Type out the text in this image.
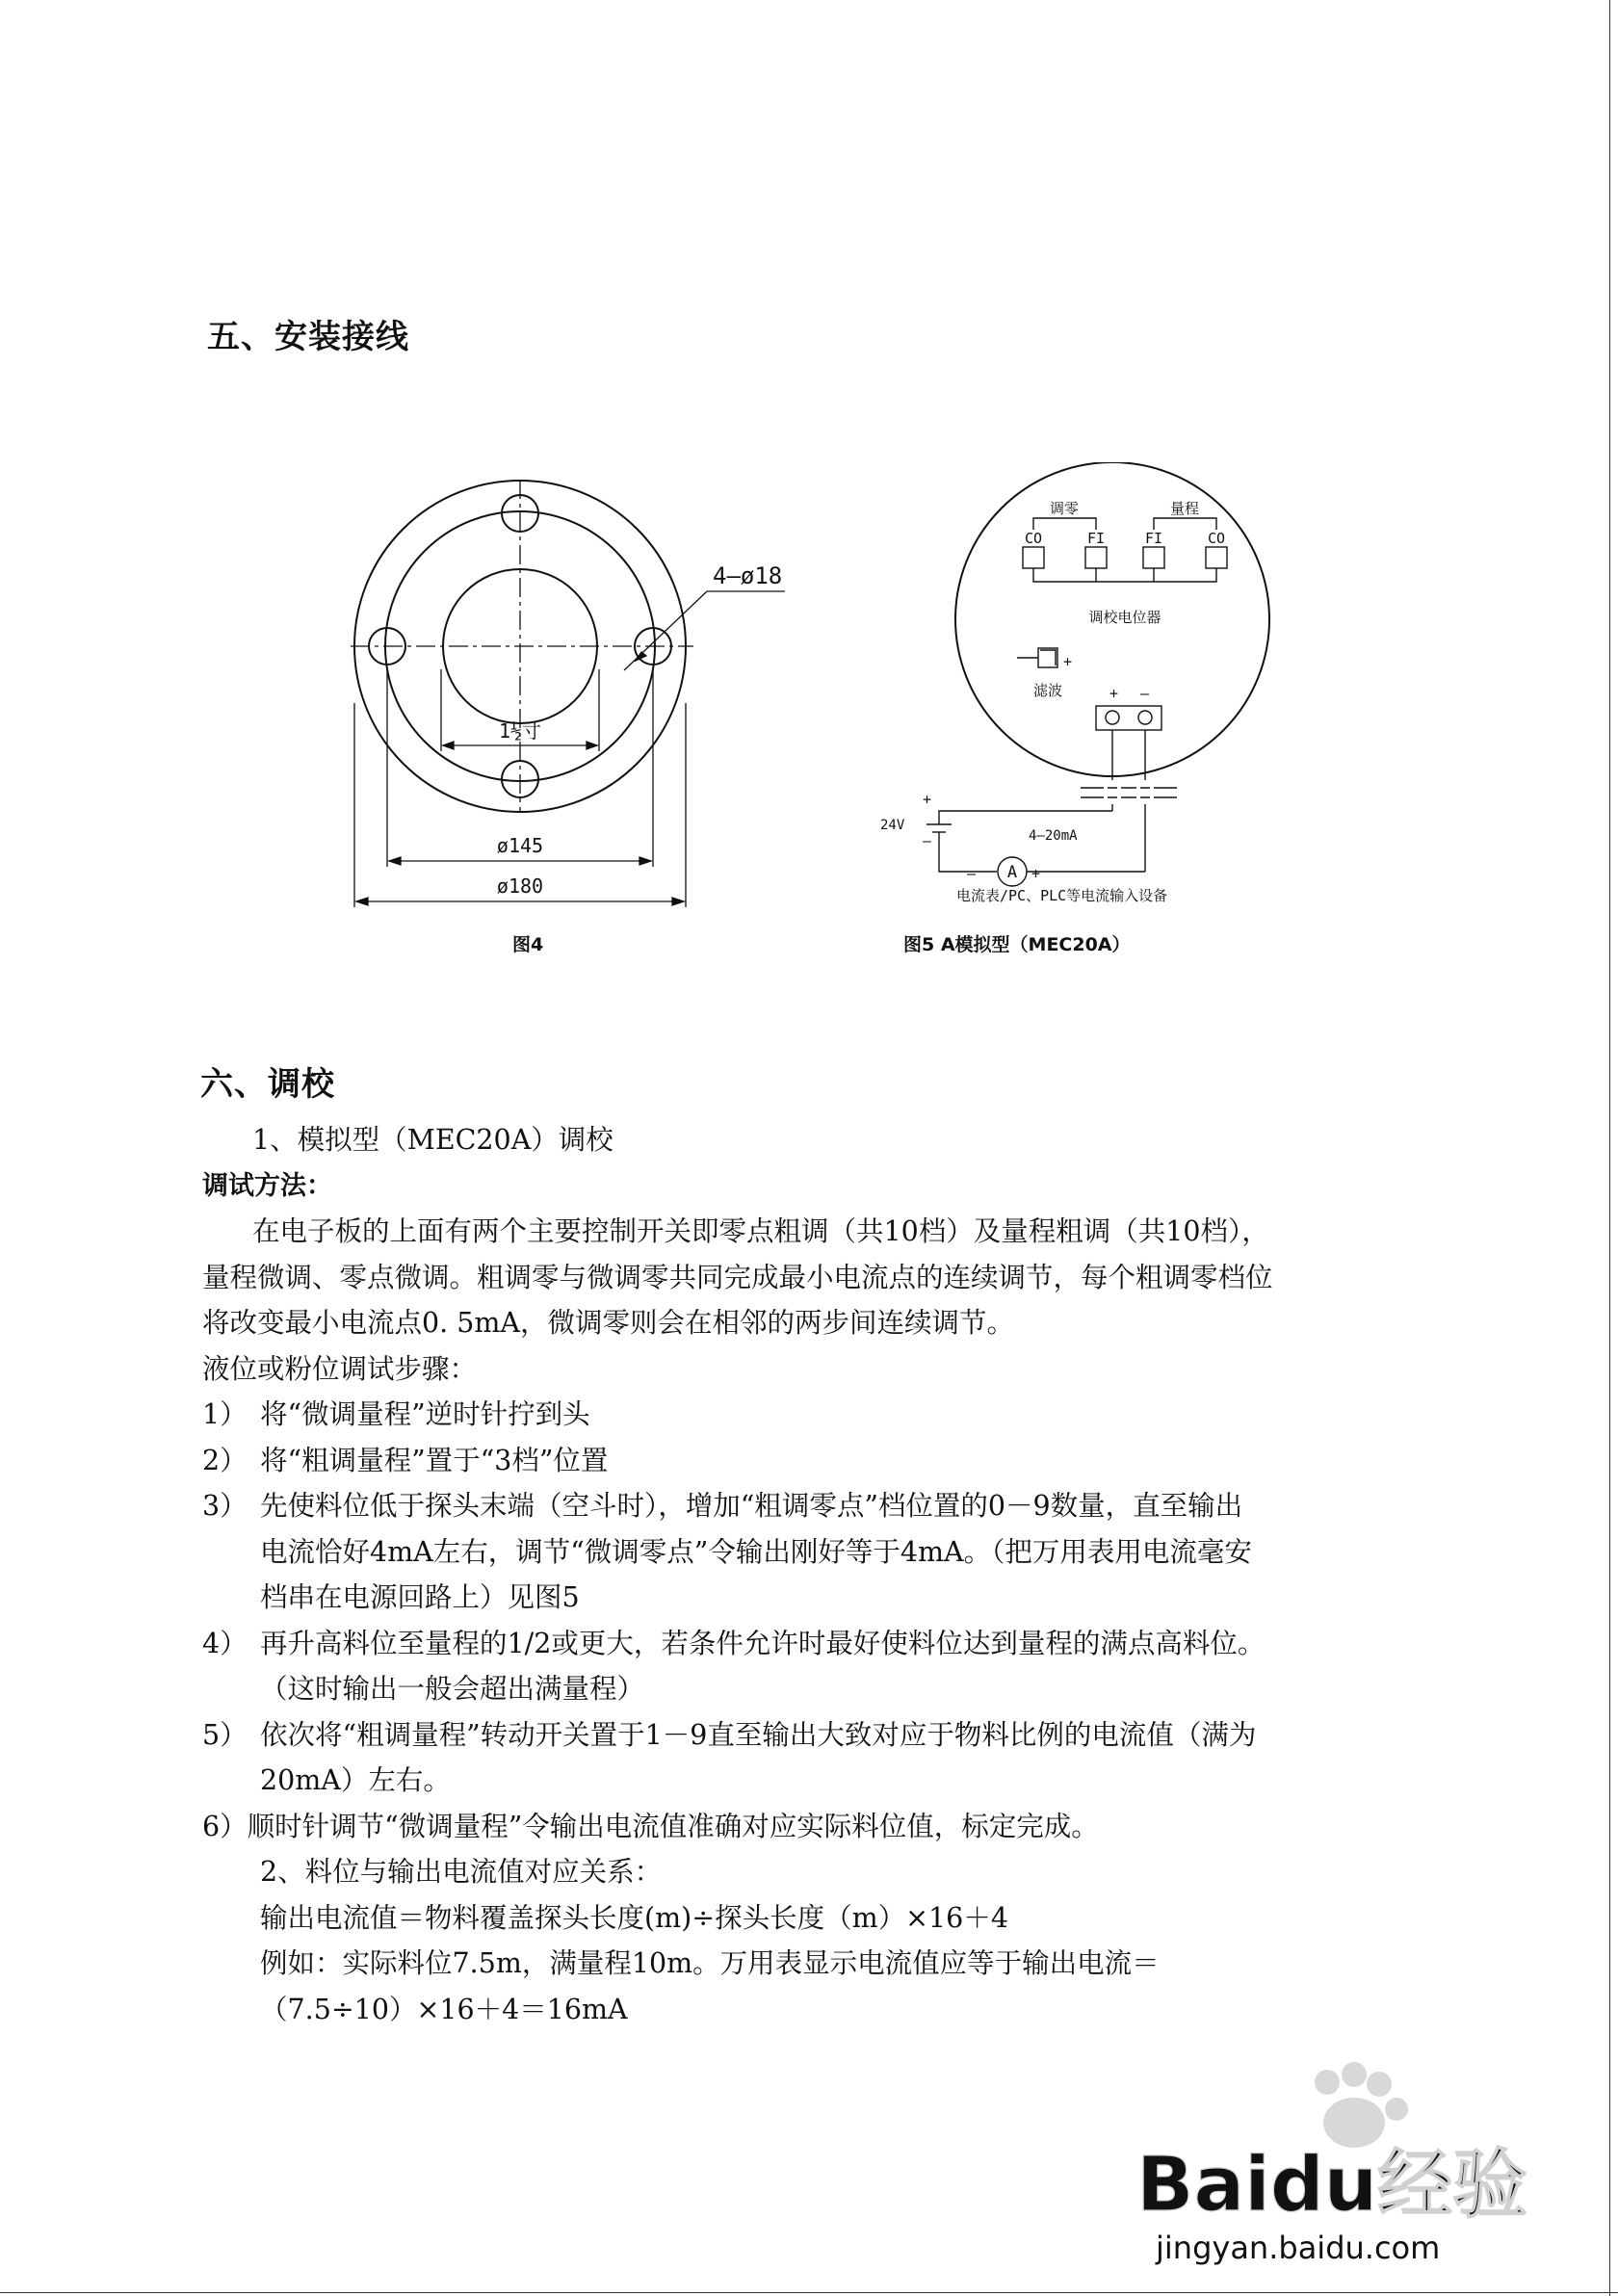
五、安装接线
4–ø18
1½寸
ø145
ø180
图4
调零	量程
CO	FI	FI	CO
调校电位器
+
滤波	+ –
+
–
24V
4–20mA
– A +
电流表/PC、PLC等电流输入设备
图5 A模拟型（MEC20A）
六、调校
1、模拟型（MEC20A）调校
调试方法：
在电子板的上面有两个主要控制开关即零点粗调（共10档）及量程粗调（共10档），
量程微调、零点微调。粗调零与微调零共同完成最小电流点的连续调节，每个粗调零档位
将改变最小电流点0. 5mA，微调零则会在相邻的两步间连续调节。
液位或粉位调试步骤：
1） 将“微调量程”逆时针拧到头
2） 将“粗调量程”置于“3档”位置
3） 先使料位低于探头末端（空斗时），增加“粗调零点”档位置的0－9数量，直至输出
电流恰好4mA左右，调节“微调零点”令输出刚好等于4mA。（把万用表用电流毫安
档串在电源回路上）见图5
4） 再升高料位至量程的1/2或更大，若条件允许时最好使料位达到量程的满点高料位。
（这时输出一般会超出满量程）
5） 依次将“粗调量程”转动开关置于1－9直至输出大致对应于物料比例的电流值（满为
20mA）左右。
6）顺时针调节“微调量程”令输出电流值准确对应实际料位值，标定完成。
2、料位与输出电流值对应关系：
输出电流值＝物料覆盖探头长度(m)÷探头长度（m）×16＋4
例如：实际料位7.5m，满量程10m。万用表显示电流值应等于输出电流＝
（7.5÷10）×16＋4＝16mA
Baidu经验
jingyan.baidu.com
